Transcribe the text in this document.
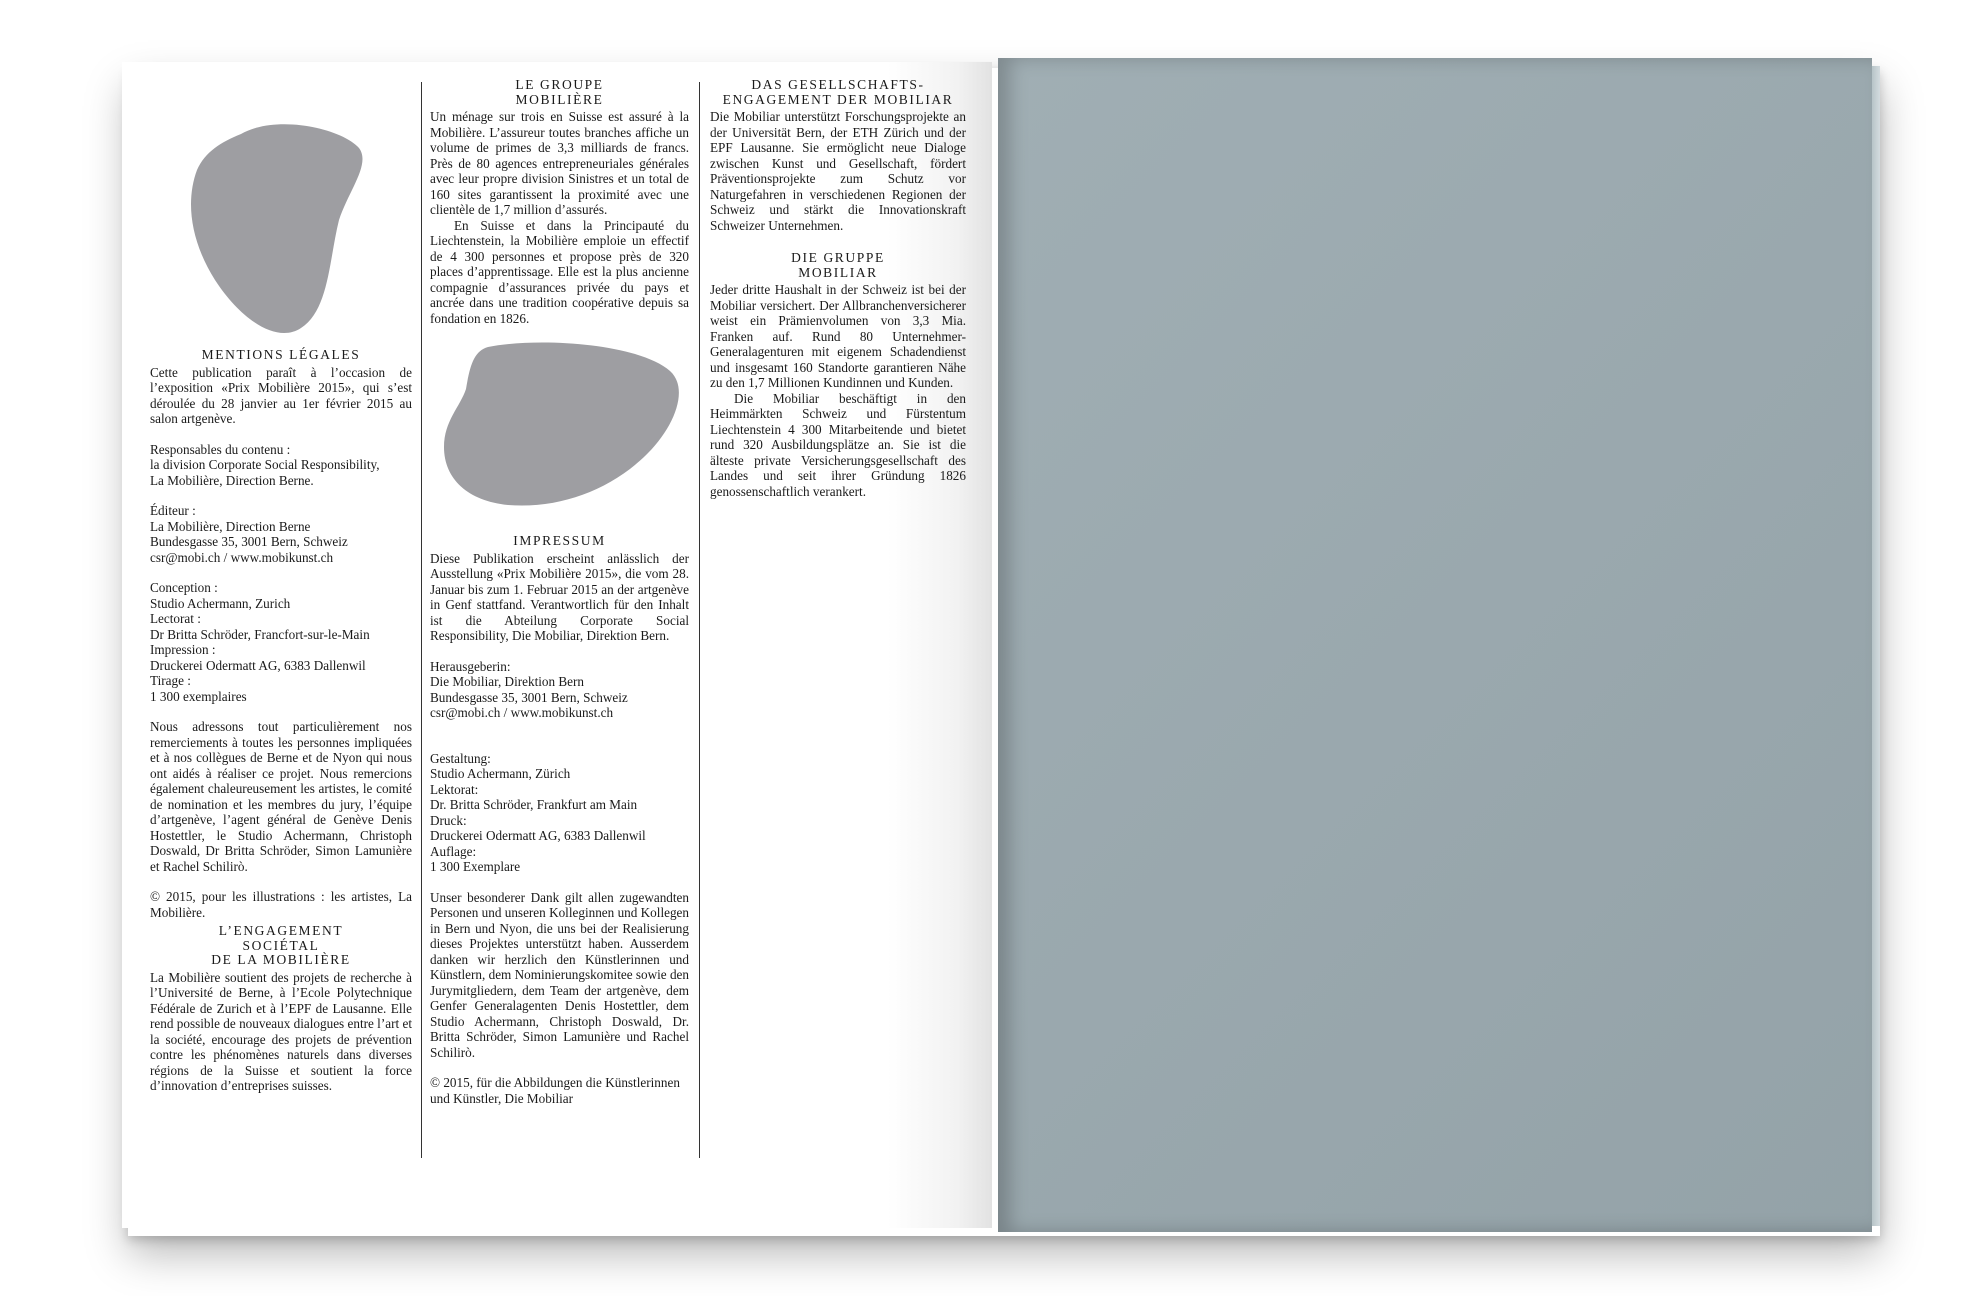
MENTIONS LÉGALES

Cette publication paraît à l’occasion de l’exposition «Prix Mobilière 2015», qui s’est déroulée du 28 janvier au 1er février 2015 au salon artgenève.

Responsables du contenu :
la division Corporate Social Responsibility,
La Mobilière, Direction Berne.
Éditeur :
La Mobilière, Direction Berne
Bundesgasse 35, 3001 Bern, Schweiz
csr@mobi.ch / www.mobikunst.ch
Conception :
Studio Achermann, Zurich
Lectorat :
Dr Britta Schröder, Francfort-sur-le-Main
Impression :
Druckerei Odermatt AG, 6383 Dallenwil
Tirage :
1 300 exemplaires

Nous adressons tout particulièrement nos remerciements à toutes les personnes impliquées et à nos collègues de Berne et de Nyon qui nous ont aidés à réaliser ce projet. Nous remercions également chaleureusement les artistes, le comité de nomination et les membres du jury, l’équipe d’artgenève, l’agent général de Genève Denis Hostettler, le Studio Achermann, Christoph Doswald, Dr Britta Schröder, Simon Lamunière et Rachel Schilirò.

© 2015, pour les illustrations : les artistes, La Mobilière.

L’ENGAGEMENT
SOCIÉTAL
DE LA MOBILIÈRE

La Mobilière soutient des projets de recherche à l’Université de Berne, à l’Ecole Polytechnique Fédérale de Zurich et à l’EPF de Lausanne. Elle rend possible de nouveaux dialogues entre l’art et la société, encourage des projets de prévention contre les phénomènes naturels dans diverses régions de la Suisse et soutient la force d’innovation d’entreprises suisses.

LE GROUPE
MOBILIÈRE

Un ménage sur trois en Suisse est assuré à la Mobilière. L’assureur toutes branches affiche un volume de primes de 3,3 milliards de francs. Près de 80 agences entrepreneuriales générales avec leur propre division Sinistres et un total de 160 sites garantissent la proximité avec une clientèle de 1,7 million d’assurés.

En Suisse et dans la Principauté du Liechtenstein, la Mobilière emploie un effectif de 4 300 personnes et propose près de 320 places d’apprentissage. Elle est la plus ancienne compagnie d’assurances privée du pays et ancrée dans une tradition coopérative depuis sa fondation en 1826.

IMPRESSUM

Diese Publikation erscheint anlässlich der Ausstellung «Prix Mobilière 2015», die vom 28. Januar bis zum 1. Februar 2015 an der artgenève in Genf stattfand. Verantwortlich für den Inhalt ist die Abteilung Corporate Social Responsibility, Die Mobiliar, Direktion Bern.

Herausgeberin:
Die Mobiliar, Direktion Bern
Bundesgasse 35, 3001 Bern, Schweiz
csr@mobi.ch / www.mobikunst.ch
Gestaltung:
Studio Achermann, Zürich
Lektorat:
Dr. Britta Schröder, Frankfurt am Main
Druck:
Druckerei Odermatt AG, 6383 Dallenwil
Auflage:
1 300 Exemplare

Unser besonderer Dank gilt allen zugewandten Personen und unseren Kolleginnen und Kollegen in Bern und Nyon, die uns bei der Realisierung dieses Projektes unterstützt haben. Ausserdem danken wir herzlich den Künstlerinnen und Künstlern, dem Nominierungskomitee sowie den Jurymitgliedern, dem Team der artgenève, dem Genfer Generalagenten Denis Hostettler, dem Studio Achermann, Christoph Doswald, Dr. Britta Schröder, Simon Lamunière und Rachel Schilirò.

© 2015, für die Abbildungen die Künstlerinnen und Künstler, Die Mobiliar

DAS GESELLSCHAFTS-
ENGAGEMENT DER MOBILIAR

Die Mobiliar unterstützt Forschungsprojekte an der Universität Bern, der ETH Zürich und der EPF Lausanne. Sie ermöglicht neue Dialoge zwischen Kunst und Gesellschaft, fördert Präventionsprojekte zum Schutz vor Naturgefahren in verschiedenen Regionen der Schweiz und stärkt die Innovationskraft Schweizer Unternehmen.

DIE GRUPPE
MOBILIAR

Jeder dritte Haushalt in der Schweiz ist bei der Mobiliar versichert. Der Allbranchenversicherer weist ein Prämienvolumen von 3,3 Mia. Franken auf. Rund 80 Unternehmer-Generalagenturen mit eigenem Schadendienst und insgesamt 160 Standorte garantieren Nähe zu den 1,7 Millionen Kundinnen und Kunden.

Die Mobiliar beschäftigt in den Heimmärkten Schweiz und Fürstentum Liechtenstein 4 300 Mitarbeitende und bietet rund 320 Ausbildungsplätze an. Sie ist die älteste private Versicherungsgesellschaft des Landes und seit ihrer Gründung 1826 genossenschaftlich verankert.
